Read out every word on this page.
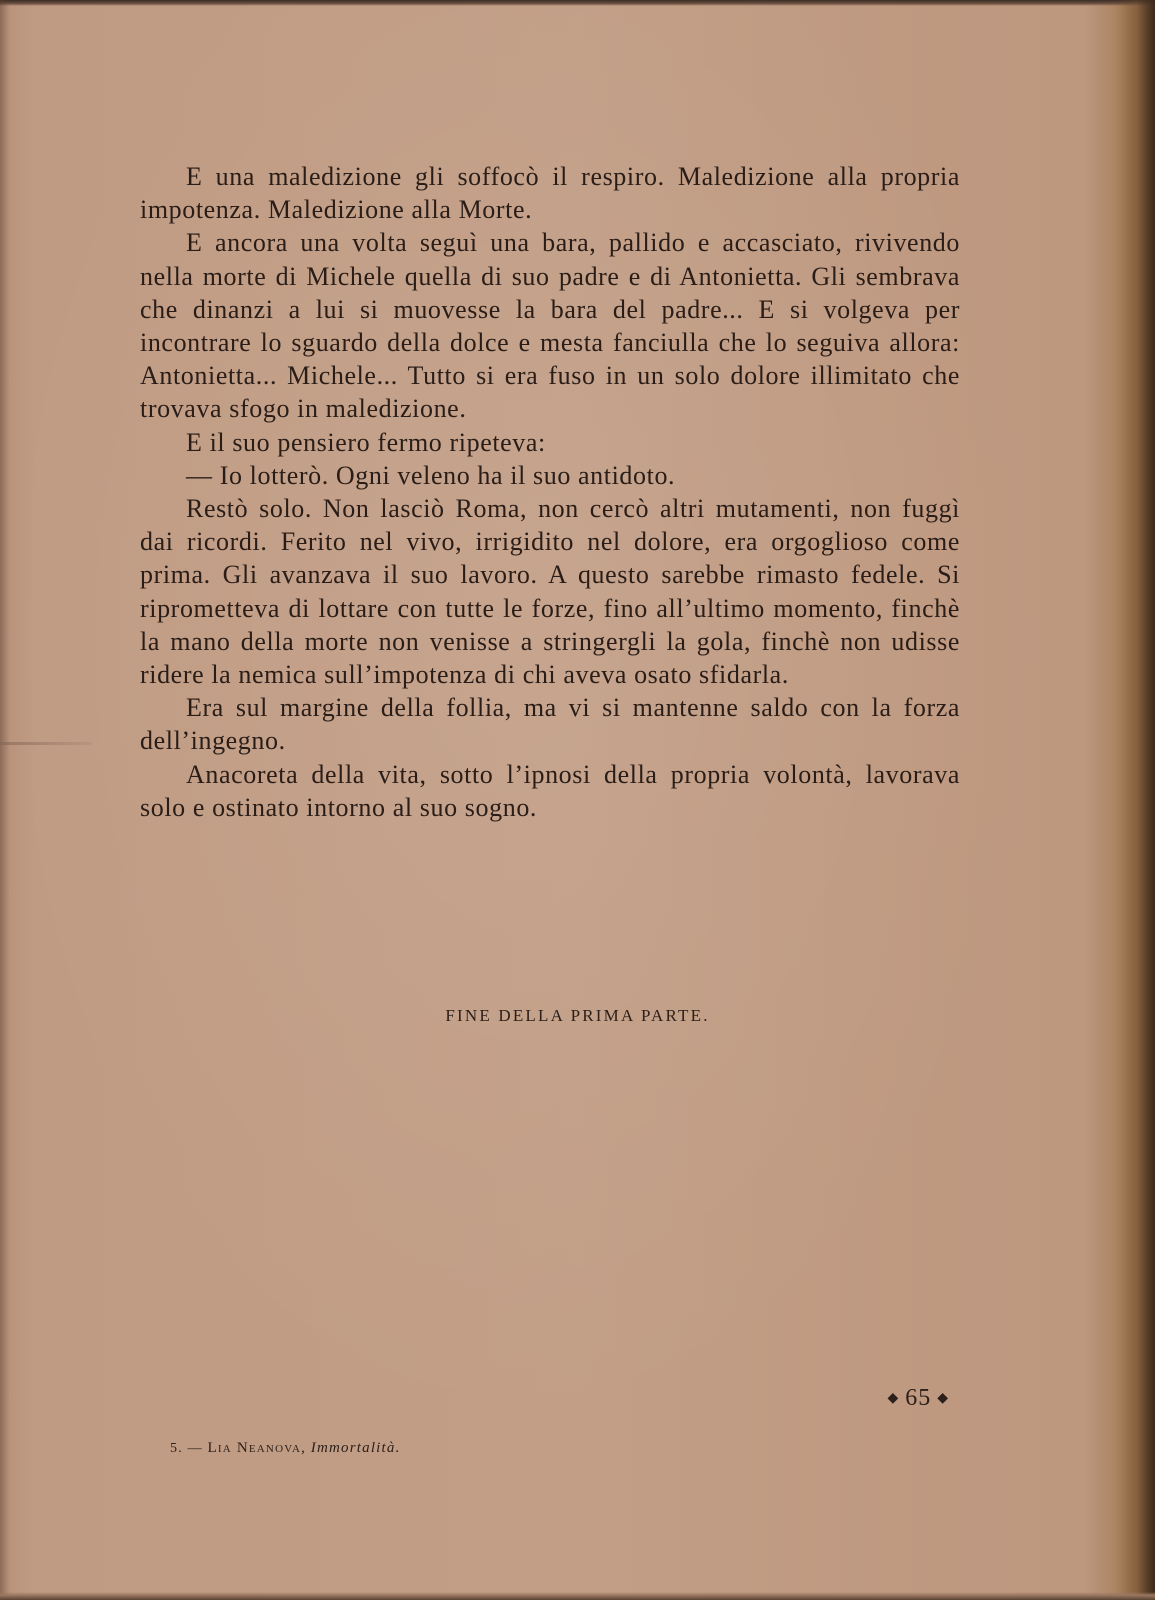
E una maledizione gli soffocò il respiro. Maledizione alla propria impotenza. Maledizione alla Morte.

E ancora una volta seguì una bara, pallido e accasciato, rivivendo nella morte di Michele quella di suo padre e di Antonietta. Gli sembrava che dinanzi a lui si muovesse la bara del padre... E si volgeva per incontrare lo sguardo della dolce e mesta fanciulla che lo seguiva allora: Antonietta... Michele... Tutto si era fuso in un solo dolore illimitato che trovava sfogo in maledizione.

E il suo pensiero fermo ripeteva:

— Io lotterò. Ogni veleno ha il suo antidoto.

Restò solo. Non lasciò Roma, non cercò altri mutamenti, non fuggì dai ricordi. Ferito nel vivo, irrigidito nel dolore, era orgoglioso come prima. Gli avanzava il suo lavoro. A questo sarebbe rimasto fedele. Si riprometteva di lottare con tutte le forze, fino all’ultimo momento, finchè la mano della morte non venisse a stringergli la gola, finchè non udisse ridere la nemica sull’impotenza di chi aveva osato sfidarla.

Era sul margine della follia, ma vi si mantenne saldo con la forza dell’ingegno.

Anacoreta della vita, sotto l’ipnosi della propria volontà, lavorava solo e ostinato intorno al suo sogno.

FINE DELLA PRIMA PARTE.
◆ 65 ◆
5. — Lia Neanova, Immortalità.
